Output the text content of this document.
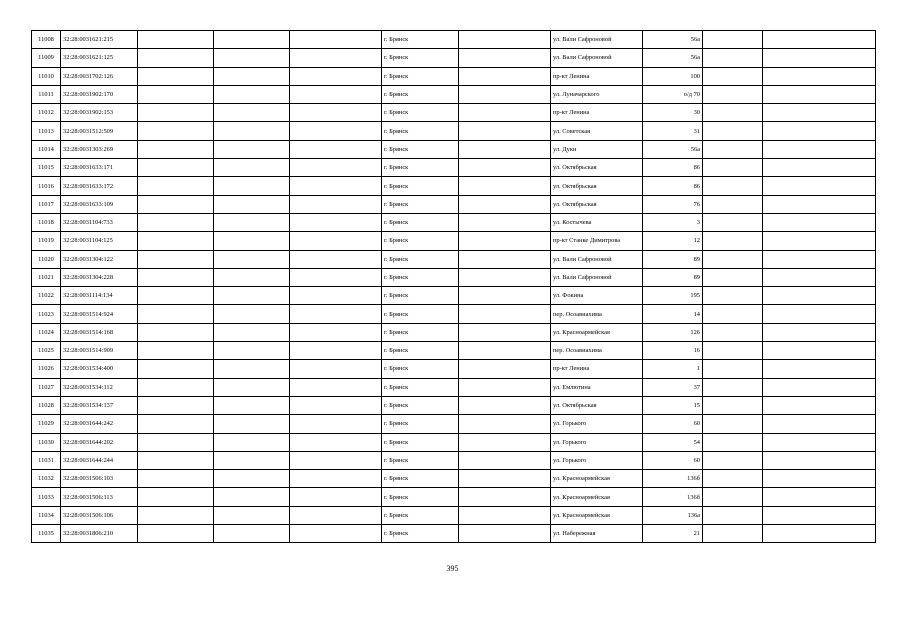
11008	32:28:0031621:215				г. Брянск		ул. Вали Сафроновой	56а		
11009	32:28:0031621:125				г. Брянск		ул. Вали Сафроновой	56а		
11010	32:28:0031702:126				г. Брянск		пр-кт Ленина	100		
11011	32:28:0031902:170				г. Брянск		ул. Луначарского	о/д 70		
11012	32:28:0031902:153				г. Брянск		пр-кт Ленина	30		
11013	32:28:0031512:509				г. Брянск		ул. Советская	31		
11014	32:28:0031303:269				г. Брянск		ул. Дуки	56а		
11015	32:28:0031633:171				г. Брянск		ул. Октябрьская	86		
11016	32:28:0031633:172				г. Брянск		ул. Октябрьская	86		
11017	32:28:0031633:109				г. Брянск		ул. Октябрьская	76		
11018	32:28:0031104:733				г. Брянск		ул. Костычева	3		
11019	32:28:0031104:125				г. Брянск		пр-кт Станке Димитрова	12		
11020	32:28:0031304:122				г. Брянск		ул. Вали Сафроновой	89		
11021	32:28:0031304:228				г. Брянск		ул. Вали Сафроновой	89		
11022	32:28:0031114:134				г. Брянск		ул. Фокина	195		
11023	32:28:0031514:924				г. Брянск		пер. Осоавиахима	14		
11024	32:28:0031514:168				г. Брянск		ул. Красноармейская	126		
11025	32:28:0031514:909				г. Брянск		пер. Осоавиахима	16		
11026	32:28:0031534:400				г. Брянск		пр-кт Ленина	1		
11027	32:28:0031534:112				г. Брянск		ул. Емлютина	37		
11028	32:28:0031534:137				г. Брянск		ул. Октябрьская	15		
11029	32:28:0031644:242				г. Брянск		ул. Горького	60		
11030	32:28:0031644:202				г. Брянск		ул. Горького	54		
11031	32:28:0031644:244				г. Брянск		ул. Горького	60		
11032	32:28:0031506:103				г. Брянск		ул. Красноармейская	136б		
11033	32:28:0031506:113				г. Брянск		ул. Красноармейская	136б		
11034	32:28:0031506:106				г. Брянск		ул. Красноармейская	136а		
11035	32:28:0031806:210				г. Брянск		ул. Набережная	21		
395
